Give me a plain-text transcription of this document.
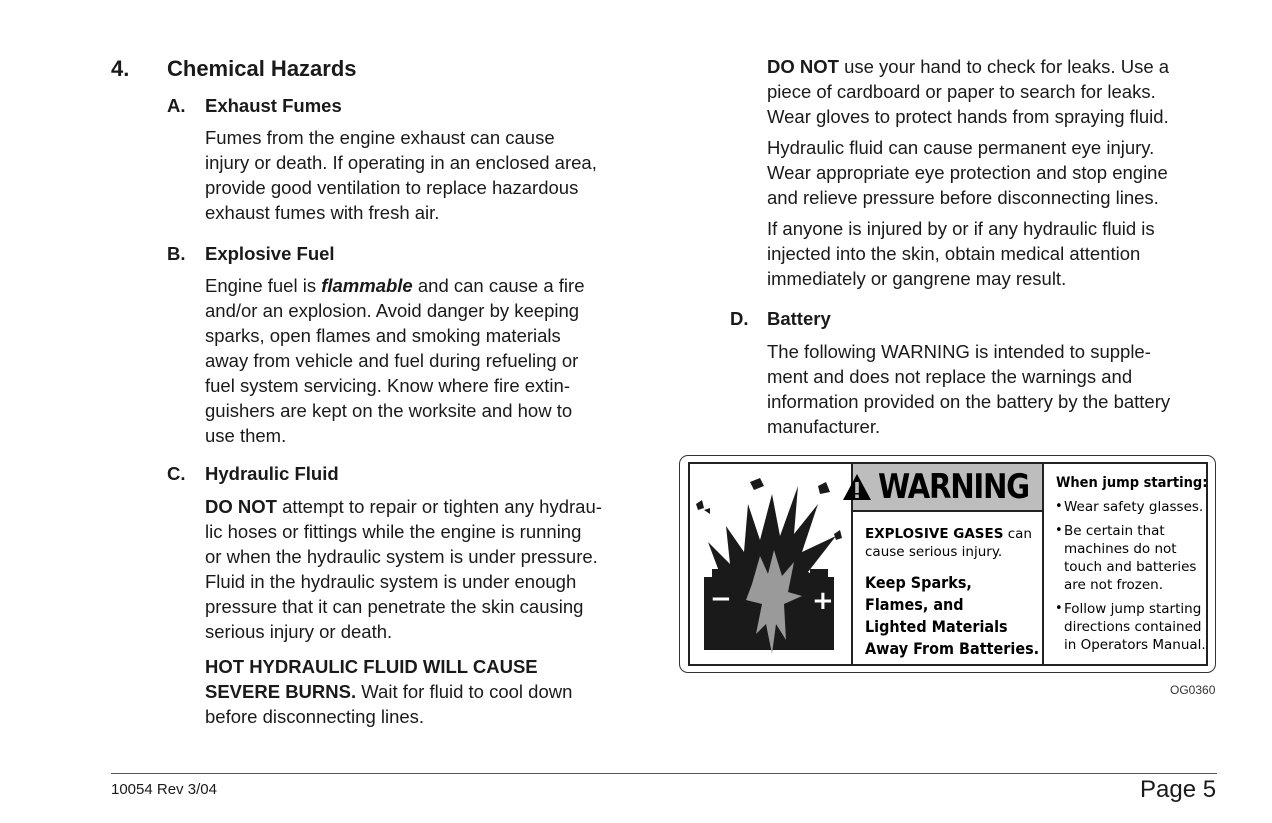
4. Chemical Hazards
A. Exhaust Fumes

Fumes from the engine exhaust can cause

injury or death. If operating in an enclosed area,

provide good ventilation to replace hazardous

exhaust fumes with fresh air.

B. Explosive Fuel

Engine fuel is flammable and can cause a fire

and/or an explosion. Avoid danger by keeping

sparks, open flames and smoking materials

away from vehicle and fuel during refueling or

fuel system servicing. Know where fire extin-

guishers are kept on the worksite and how to

use them.

C. Hydraulic Fluid

DO NOT attempt to repair or tighten any hydrau-

lic hoses or fittings while the engine is running

or when the hydraulic system is under pressure.

Fluid in the hydraulic system is under enough

pressure that it can penetrate the skin causing

serious injury or death.

HOT HYDRAULIC FLUID WILL CAUSE

SEVERE BURNS. Wait for fluid to cool down

before disconnecting lines.

DO NOT use your hand to check for leaks. Use a

piece of cardboard or paper to search for leaks.

Wear gloves to protect hands from spraying fluid.

Hydraulic fluid can cause permanent eye injury.

Wear appropriate eye protection and stop engine

and relieve pressure before disconnecting lines.

If anyone is injured by or if any hydraulic fluid is

injected into the skin, obtain medical attention

immediately or gangrene may result.

D. Battery

The following WARNING is intended to supple-

ment and does not replace the warnings and

information provided on the battery by the battery

manufacturer.

−	+
WARNING
EXPLOSIVE GASES can
cause serious injury.
Keep Sparks,
Flames, and
Lighted Materials
Away From Batteries.
When jump starting:
• Wear safety glasses.
• Be certain that
machines do not
touch and batteries
are not frozen.
• Follow jump starting
directions contained
in Operators Manual.
OG0360
10054 Rev 3/04	Page 5
